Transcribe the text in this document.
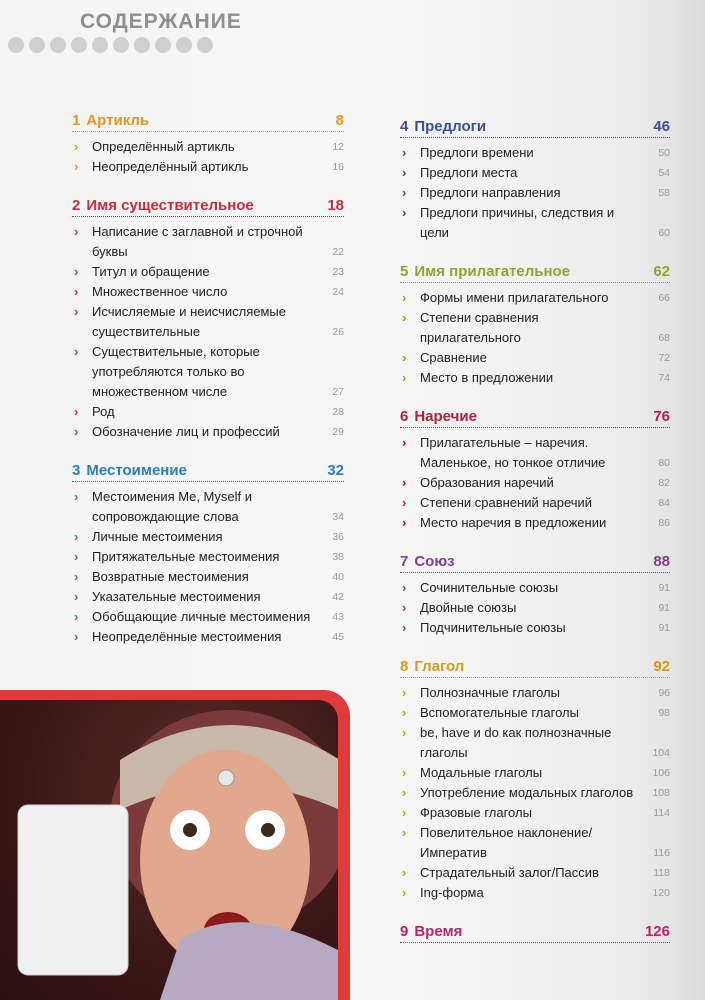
СОДЕРЖАНИЕ
1 Артикль	8
› Определённый артикль	12
› Неопределённый артикль	16
2 Имя существительное	18
› Написание с заглавной и строчной буквы	22
› Титул и обращение	23
› Множественное число	24
› Исчисляемые и неисчисляемые существительные	26
› Существительные, которые употребляются только во множественном числе	27
› Род	28
› Обозначение лиц и профессий	29
3 Местоимение	32
› Местоимения Me, Myself и сопровождающие слова	34
› Личные местоимения	36
› Притяжательные местоимения	38
› Возвратные местоимения	40
› Указательные местоимения	42
› Обобщающие личные местоимения 43
› Неопределённые местоимения	45
4 Предлоги	46
› Предлоги времени	50
› Предлоги места	54
› Предлоги направления	58
› Предлоги причины, следствия и цели	60
5 Имя прилагательное	62
› Формы имени прилагательного	66
› Степени сравнения прилагательного	68
› Сравнение	72
› Место в предложении	74
6 Наречие	76
› Прилагательные – наречия. Маленькое, но тонкое отличие	80
› Образования наречий	82
› Степени сравнений наречий	84
› Место наречия в предложении	86
7 Союз	88
› Сочинительные союзы	91
› Двойные союзы	91
› Подчинительные союзы	91
8 Глагол	92
› Полнозначные глаголы	96
› Вспомогательные глаголы	98
› be, have и do как полнозначные глаголы	104
› Модальные глаголы	106
› Употребление модальных глаголов 108
› Фразовые глаголы	114
› Повелительное наклонение/ Императив	116
› Страдательный залог/Пассив	118
› Ing-форма	120
9 Время	126
